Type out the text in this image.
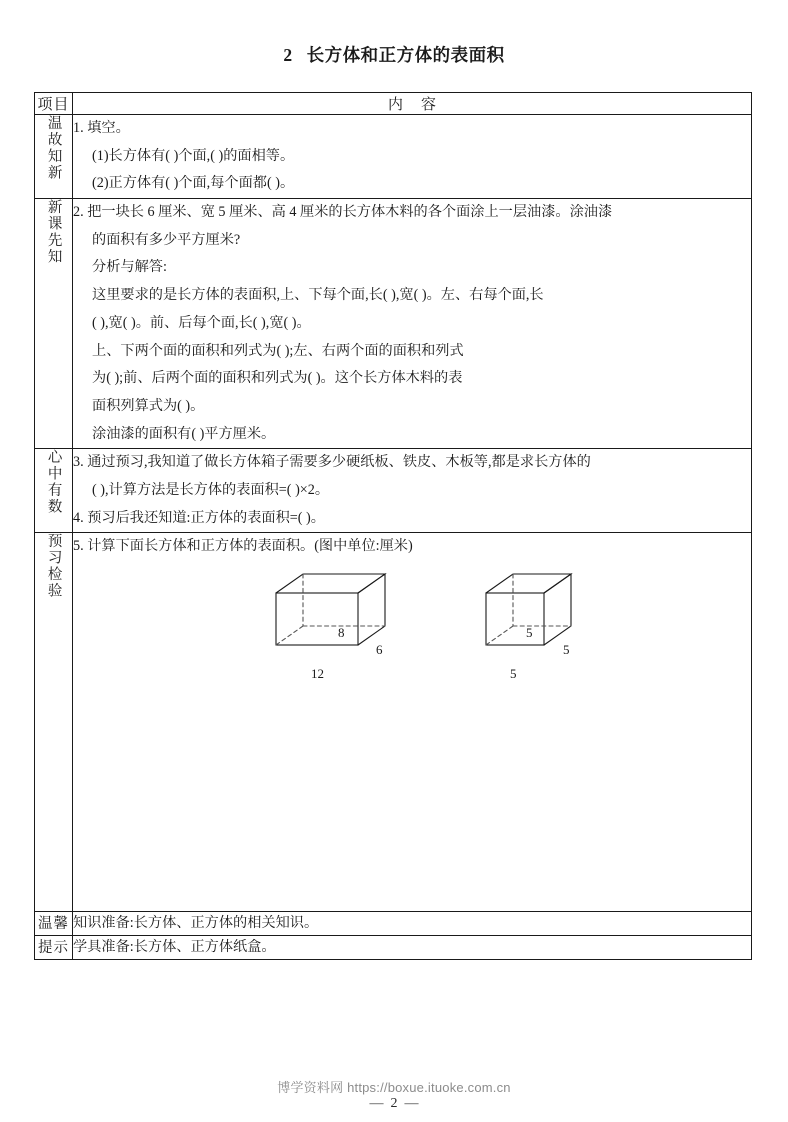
2 长方体和正方体的表面积
项目	内 容
温故知新	1. 填空。

(1)长方体有( )个面,( )的面相等。

(2)正方体有( )个面,每个面都( )。

新课先知	2. 把一块长 6 厘米、宽 5 厘米、高 4 厘米的长方体木料的各个面涂上一层油漆。涂油漆

的面积有多少平方厘米?

分析与解答:

这里要求的是长方体的表面积,上、下每个面,长( ),宽( )。左、右每个面,长

( ),宽( )。前、后每个面,长( ),宽( )。

上、下两个面的面积和列式为( );左、右两个面的面积和列式

为( );前、后两个面的面积和列式为( )。这个长方体木料的表

面积列算式为( )。

涂油漆的面积有( )平方厘米。

心中有数	3. 通过预习,我知道了做长方体箱子需要多少硬纸板、铁皮、木板等,都是求长方体的

( ),计算方法是长方体的表面积=( )×2。

4. 预习后我还知道:正方体的表面积=( )。

预习检验	5. 计算下面长方体和正方体的表面积。(图中单位:厘米)

8
6
12
5
5
5

温馨	知识准备:长方体、正方体的相关知识。

提示	学具准备:长方体、正方体纸盒。

博学资料网 https://boxue.ituoke.com.cn
— 2 —
